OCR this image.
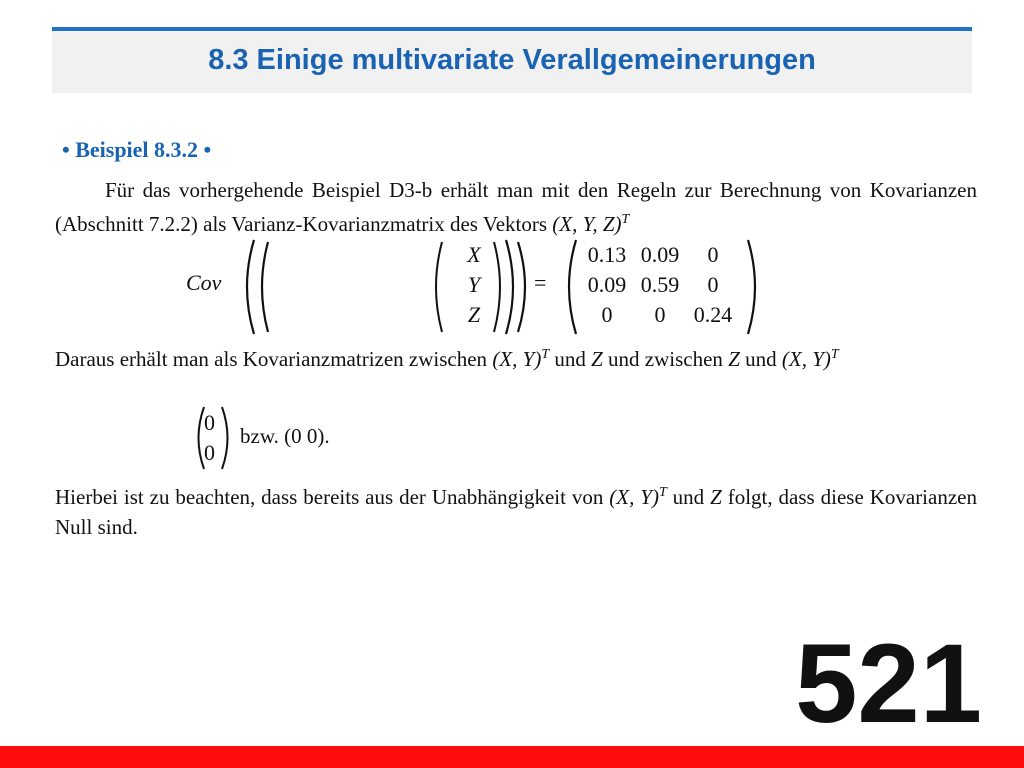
8.3 Einige multivariate Verallgemeinerungen
• Beispiel 8.3.2 •
Für das vorhergehende Beispiel D3-b erhält man mit den Regeln zur Berechnung von Kovarianzen (Abschnitt 7.2.2) als Varianz-Kovarianzmatrix des Vektors (X, Y, Z)$^T$
Cov
X
Y
Z
=
0.13 0.09	0
0.09 0.59	0
0	0	0.24
Daraus erhält man als Kovarianzmatrizen zwischen (X, Y)$^T$ und Z und zwischen Z und (X, Y)$^T$
0
0
bzw. (0 0).
Hierbei ist zu beachten, dass bereits aus der Unabhängigkeit von (X, Y)$^T$ und Z folgt, dass diese Kovarianzen Null sind.
521
